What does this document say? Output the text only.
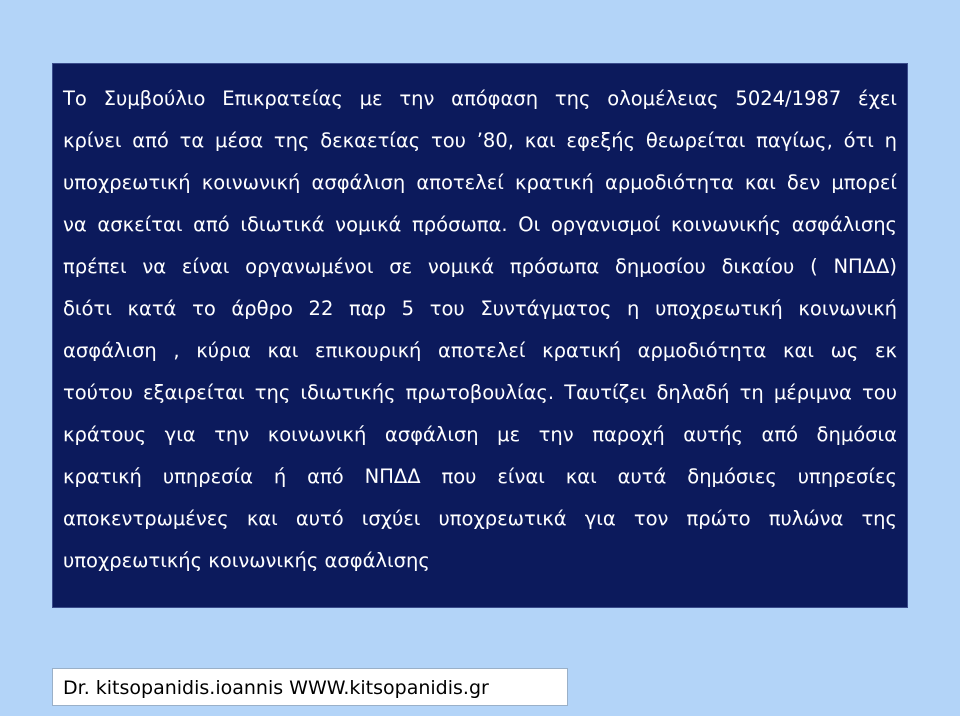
Το Συμβούλιο Επικρατείας με την απόφαση της ολομέλειας 5024/1987 έχει
κρίνει από τα μέσα της δεκαετίας του ’80, και εφεξής θεωρείται παγίως, ότι η
υποχρεωτική κοινωνική ασφάλιση αποτελεί κρατική αρμοδιότητα και δεν μπορεί
να ασκείται από ιδιωτικά νομικά πρόσωπα. Οι οργανισμοί κοινωνικής ασφάλισης
πρέπει να είναι οργανωμένοι σε νομικά πρόσωπα δημοσίου δικαίου ( ΝΠΔΔ)
διότι κατά το άρθρο 22 παρ 5 του Συντάγματος η υποχρεωτική κοινωνική
ασφάλιση , κύρια και επικουρική αποτελεί κρατική αρμοδιότητα και ως εκ
τούτου εξαιρείται της ιδιωτικής πρωτοβουλίας. Ταυτίζει δηλαδή τη μέριμνα του
κράτους για την κοινωνική ασφάλιση με την παροχή αυτής από δημόσια
κρατική υπηρεσία ή από ΝΠΔΔ που είναι και αυτά δημόσιες υπηρεσίες
αποκεντρωμένες και αυτό ισχύει υποχρεωτικά για τον πρώτο πυλώνα της
υποχρεωτικής κοινωνικής ασφάλισης
Dr. kitsopanidis.ioannis WWW.kitsopanidis.gr
